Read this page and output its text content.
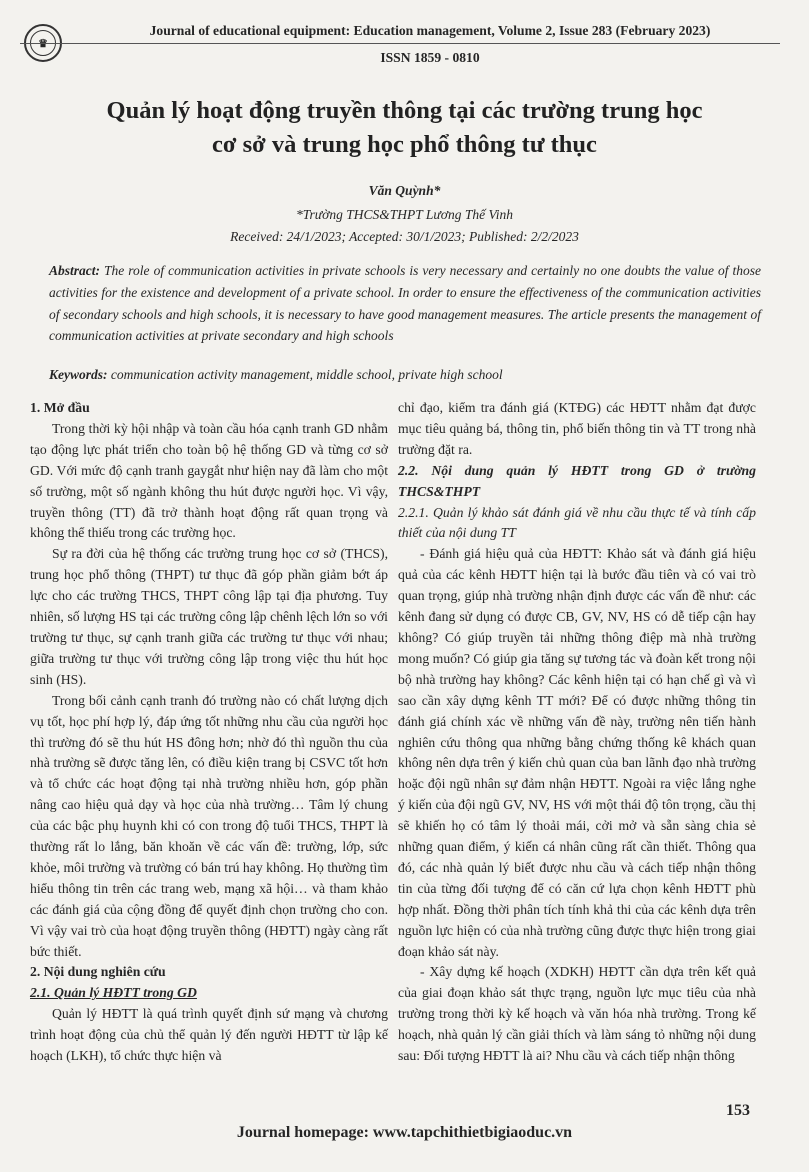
♛
Journal of educational equipment: Education management, Volume 2, Issue 283 (February 2023)
ISSN 1859 - 0810
Quản lý hoạt động truyền thông tại các trường trung học
cơ sở và trung học phổ thông tư thục
Văn Quỳnh*
*Trường THCS&THPT Lương Thế Vinh
Received: 24/1/2023; Accepted: 30/1/2023; Published: 2/2/2023
Abstract: The role of communication activities in private schools is very necessary and certainly no one doubts the value of those activities for the existence and development of a private school. In order to ensure the effectiveness of the communication activities of secondary schools and high schools, it is necessary to have good management measures. The article presents the management of communication activities at private secondary and high schools
Keywords: communication activity management, middle school, private high school

1. Mở đầu

Trong thời kỳ hội nhập và toàn cầu hóa cạnh tranh GD nhằm tạo động lực phát triển cho toàn bộ hệ thống GD và từng cơ sở GD. Với mức độ cạnh tranh gaygắt như hiện nay đã làm cho một số trường, một số ngành không thu hút được người học. Vì vậy, truyền thông (TT) đã trở thành hoạt động rất quan trọng và không thể thiếu trong các trường học.

Sự ra đời của hệ thống các trường trung học cơ sở (THCS), trung học phổ thông (THPT) tư thục đã góp phần giảm bớt áp lực cho các trường THCS, THPT công lập tại địa phương. Tuy nhiên, số lượng HS tại các trường công lập chênh lệch lớn so với trường tư thục, sự cạnh tranh giữa các trường tư thục với nhau; giữa trường tư thục với trường công lập trong việc thu hút học sinh (HS).

Trong bối cảnh cạnh tranh đó trường nào có chất lượng dịch vụ tốt, học phí hợp lý, đáp ứng tốt những nhu cầu của người học thì trường đó sẽ thu hút HS đông hơn; nhờ đó thì nguồn thu của nhà trường sẽ được tăng lên, có điều kiện trang bị CSVC tốt hơn và tổ chức các hoạt động tại nhà trường nhiều hơn, góp phần nâng cao hiệu quả dạy và học của nhà trường… Tâm lý chung của các bậc phụ huynh khi có con trong độ tuổi THCS, THPT là thường rất lo lắng, băn khoăn về các vấn đề: trường, lớp, sức khỏe, môi trường và trường có bán trú hay không. Họ thường tìm hiểu thông tin trên các trang web, mạng xã hội… và tham khảo các đánh giá của cộng đồng để quyết định chọn trường cho con. Vì vậy vai trò của hoạt động truyền thông (HĐTT) ngày càng rất bức thiết.

2. Nội dung nghiên cứu

2.1. Quản lý HĐTT trong GD

Quản lý HĐTT là quá trình quyết định sứ mạng và chương trình hoạt động của chủ thể quản lý đến người HĐTT từ lập kế hoạch (LKH), tổ chức thực hiện và

chỉ đạo, kiểm tra đánh giá (KTĐG) các HĐTT nhằm đạt được mục tiêu quảng bá, thông tin, phổ biến thông tin và TT trong nhà trường đặt ra.

2.2. Nội dung quản lý HĐTT trong GD ở trường THCS&THPT

2.2.1. Quản lý khảo sát đánh giá về nhu cầu thực tế và tính cấp thiết của nội dung TT

- Đánh giá hiệu quả của HĐTT: Khảo sát và đánh giá hiệu quả của các kênh HĐTT hiện tại là bước đầu tiên và có vai trò quan trọng, giúp nhà trường nhận định được các vấn đề như: các kênh đang sử dụng có được CB, GV, NV, HS có dễ tiếp cận hay không? Có giúp truyền tải những thông điệp mà nhà trường mong muốn? Có giúp gia tăng sự tương tác và đoàn kết trong nội bộ nhà trường hay không? Các kênh hiện tại có hạn chế gì và vì sao cần xây dựng kênh TT mới? Để có được những thông tin đánh giá chính xác về những vấn đề này, trường nên tiến hành nghiên cứu thông qua những bằng chứng thống kê khách quan không nên dựa trên ý kiến chủ quan của ban lãnh đạo nhà trường hoặc đội ngũ nhân sự đảm nhận HĐTT. Ngoài ra việc lắng nghe ý kiến của đội ngũ GV, NV, HS với một thái độ tôn trọng, cầu thị sẽ khiến họ có tâm lý thoải mái, cởi mở và sẵn sàng chia sẻ những quan điểm, ý kiến cá nhân cũng rất cần thiết. Thông qua đó, các nhà quản lý biết được nhu cầu và cách tiếp nhận thông tin của từng đối tượng để có căn cứ lựa chọn kênh HĐTT phù hợp nhất. Đồng thời phân tích tính khả thi của các kênh dựa trên nguồn lực hiện có của nhà trường cũng được thực hiện trong giai đoạn khảo sát này.

- Xây dựng kế hoạch (XDKH) HĐTT cần dựa trên kết quả của giai đoạn khảo sát thực trạng, nguồn lực mục tiêu của nhà trường trong thời kỳ kế hoạch và văn hóa nhà trường. Trong kế hoạch, nhà quản lý cần giải thích và làm sáng tỏ những nội dung sau: Đối tượng HĐTT là ai? Nhu cầu và cách tiếp nhận thông

153
Journal homepage: www.tapchithietbigiaoduc.vn
